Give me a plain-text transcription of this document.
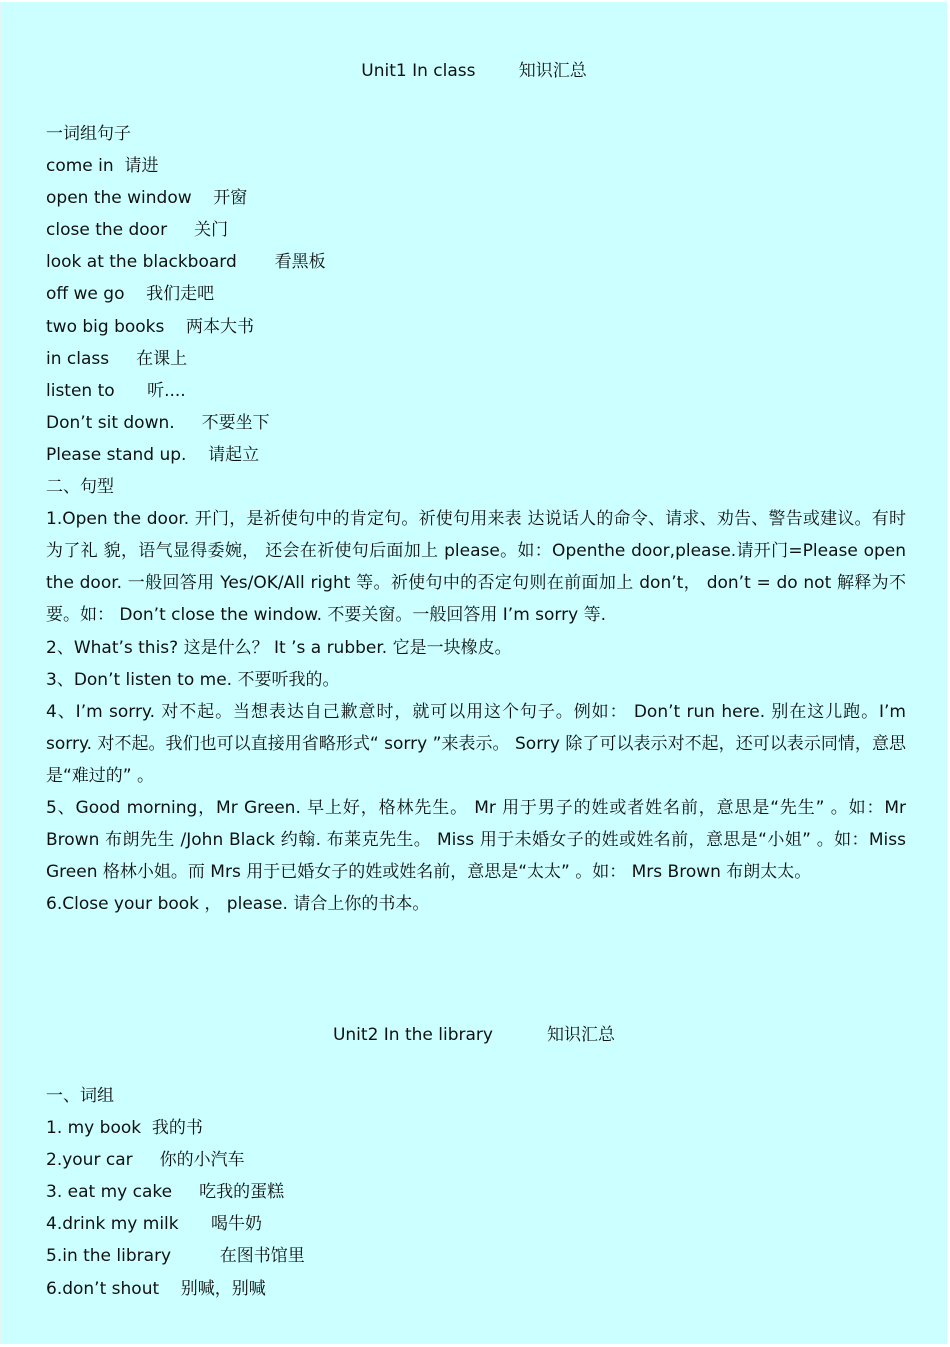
Unit1 In class        知识汇总
一词组句子
come in  请进
open the window    开窗
close the door     关门
look at the blackboard       看黑板
off we go    我们走吧
two big books    两本大书
in class     在课上
listen to      听....
Don’t sit down.     不要坐下
Please stand up.    请起立
二、句型
1.Open the door. 开门，是祈使句中的肯定句。祈使句用来表 达说话人的命令、请求、劝告、警告或建议。有时为了礼 貌，语气显得委婉， 还会在祈使句后面加上 please。如：Openthe door,please.请开门=Please open the door. 一般回答用 Yes/OK/All right 等。祈使句中的否定句则在前面加上 don’t， don’t = do not 解释为不要。如： Don’t close the window. 不要关窗。一般回答用 I’m sorry 等.
2、What’s this? 这是什么？ It ’s a rubber. 它是一块橡皮。
3、Don’t listen to me. 不要听我的。
4、I’m sorry. 对不起。当想表达自己歉意时，就可以用这个句子。例如： Don’t run here. 别在这儿跑。I’m sorry. 对不起。我们也可以直接用省略形式“ sorry ”来表示。 Sorry 除了可以表示对不起，还可以表示同情，意思是“难过的” 。
5、Good morning，Mr Green. 早上好，格林先生。 Mr 用于男子的姓或者姓名前，意思是“先生” 。如：Mr Brown 布朗先生 /John Black 约翰. 布莱克先生。 Miss 用于未婚女子的姓或姓名前，意思是“小姐” 。如：Miss Green 格林小姐。而 Mrs 用于已婚女子的姓或姓名前，意思是“太太” 。如： Mrs Brown 布朗太太。
6.Close your book ， please. 请合上你的书本。
Unit2 In the library          知识汇总
一、词组
1. my book  我的书
2.your car     你的小汽车
3. eat my cake     吃我的蛋糕
4.drink my milk      喝牛奶
5.in the library         在图书馆里
6.don’t shout    别喊，别喊
